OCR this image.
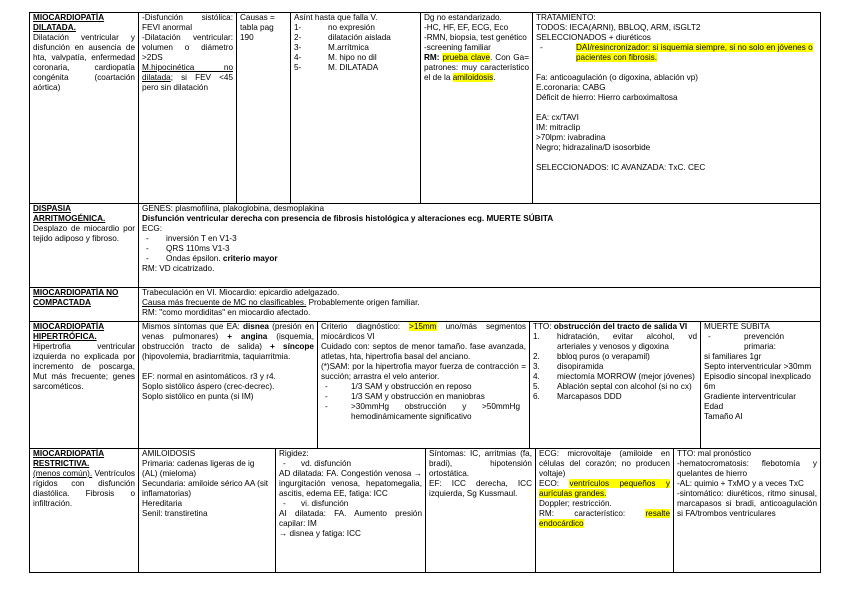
MIOCARDIOPATÍA DILATADA.
Dilatación ventricular y disfunción en ausencia de hta, valvpatía, enfermedad coronaria, cardiopatía congénita (coartación aórtica)
-Disfunción sistólica: FEVI anormal
-Dilatación ventricular: volumen o diámetro >2DS
M.hipocinética no dilatada; si FEV <45 pero sin dilatación
Causas = tabla pag 190
Asínt hasta que falla V.
1- no expresión
2- dilatación aislada
3- M.arrítmica
4- M. hipo no dil
5- M. DILATADA
Dg no estandarizado.
-HC, HF, EF, ECG, Eco
-RMN, biopsia, test genético
-screening familiar
RM: prueba clave. Con Ga= patrones: muy característico el de la amiloidosis.
TRATAMIENTO:
TODOS: IECA(ARNI), BBLOQ, ARM, iSGLT2
SELECCIONADOS + diuréticos
- DAI/resincronizador: si isquemia siempre, si no solo en jóvenes o pacientes con fibrosis.
Fa: anticoagulación (o digoxina, ablación vp)
E.coronaria: CABG
Déficit de hierro: Hierro carboximaltosa
EA: cx/TAVI
IM: mitraclip
>70lpm: ivabradina
Negro; hidrazalina/D isosorbide
SELECCIONADOS: IC AVANZADA: TxC. CEC
DISPASIA ARRITMOGÉNICA.
Desplazo de miocardio por tejido adiposo y fibroso.
GENES: plasmofilina, plakoglobina, desmoplakina
Disfunción ventricular derecha con presencia de fibrosis histológica y alteraciones ecg. MUERTE SÚBITA
ECG:
- inversión T en V1-3
- QRS 110ms V1-3
- Ondas épsilon. criterio mayor
RM: VD cicatrizado.
MIOCARDIOPATÍA NO COMPACTADA
Trabeculación en VI. Miocardio: epicardio adelgazado.
Causa más frecuente de MC no clasificables. Probablemente origen familiar.
RM: "como mordiditas" en miocardio afectado.
MIOCARDIOPATÍA HIPERTRÓFICA.
Hipertrofia ventricular izquierda no explicada por incremento de poscarga, Mut más frecuente; genes sarcométicos.
Mismos síntomas que EA: disnea (presión en venas pulmonares) + angina (isquemia, obstrucción tracto de salida) + síncope (hipovolemia, bradiarritmia, taquiarritmia.
EF: normal en asintomáticos. r3 y r4.
Soplo sistólico áspero (crec-decrec).
Soplo sistólico en punta (si IM)
Criterio diagnóstico: >15mm uno/más segmentos miocárdicos VI
Cuidado con: septos de menor tamaño. fase avanzada, atletas, hta, hipertrofia basal del anciano.
(*)SAM: por la hipertrofia mayor fuerza de contracción = succión; arrastra el velo anterior.
- 1/3 SAM y obstrucción en reposo
- 1/3 SAM y obstrucción en maniobras
- >30mmHg obstrucción y >50mmHg hemodinámicamente significativo
TTO: obstrucción del tracto de salida VI
1. hidratación, evitar alcohol, vd arteriales y venosos y digoxina
2. bbloq puros (o verapamil)
3. disopiramida
4. miectomía MORROW (mejor jóvenes)
5. Ablación septal con alcohol (si no cx)
6. Marcapasos DDD
MUERTE SÚBITA
- prevención primaria:
si familiares 1gr
Septo interventricular >30mm
Episodio sincopal inexplicado 6m
Gradiente interventricular
Edad
Tamaño AI
MIOCARDIOPATÍA RESTRICTIVA.
(menos común). Ventrículos rígidos con disfunción diastólica. Fibrosis o infiltración.
AMILOIDOSIS
Primaria: cadenas ligeras de ig (AL) (mieloma)
Secundaria: amiloide sérico AA (sit inflamatorias)
Hereditaria
Senil: transtiretina
Rigidez:
- vd. disfunción
AD dilatada: FA. Congestión venosa → ingurgitación venosa, hepatomegalia, ascitis, edema EE, fatiga: ICC
- vi. disfunción
AI dilatada: FA. Aumento presión capilar: IM
→ disnea y fatiga: ICC
Síntomas: IC, arritmias (fa, bradi), hipotensión ortostática.
EF: ICC derecha, ICC izquierda, Sg Kussmaul.
ECG: microvoltaje (amiloide en células del corazón; no producen voltaje)
ECO: ventrículos pequeños y aurículas grandes.
Doppler; restricción.
RM: característico: resalte endocárdico
TTO: mal pronóstico
-hematocromatosis: flebotomía y quelantes de hierro
-AL: quimio + TxMO y a veces TxC
-sintomático: diuréticos, ritmo sinusal, marcapasos si bradi, anticoagulación si FA/trombos ventriculares
